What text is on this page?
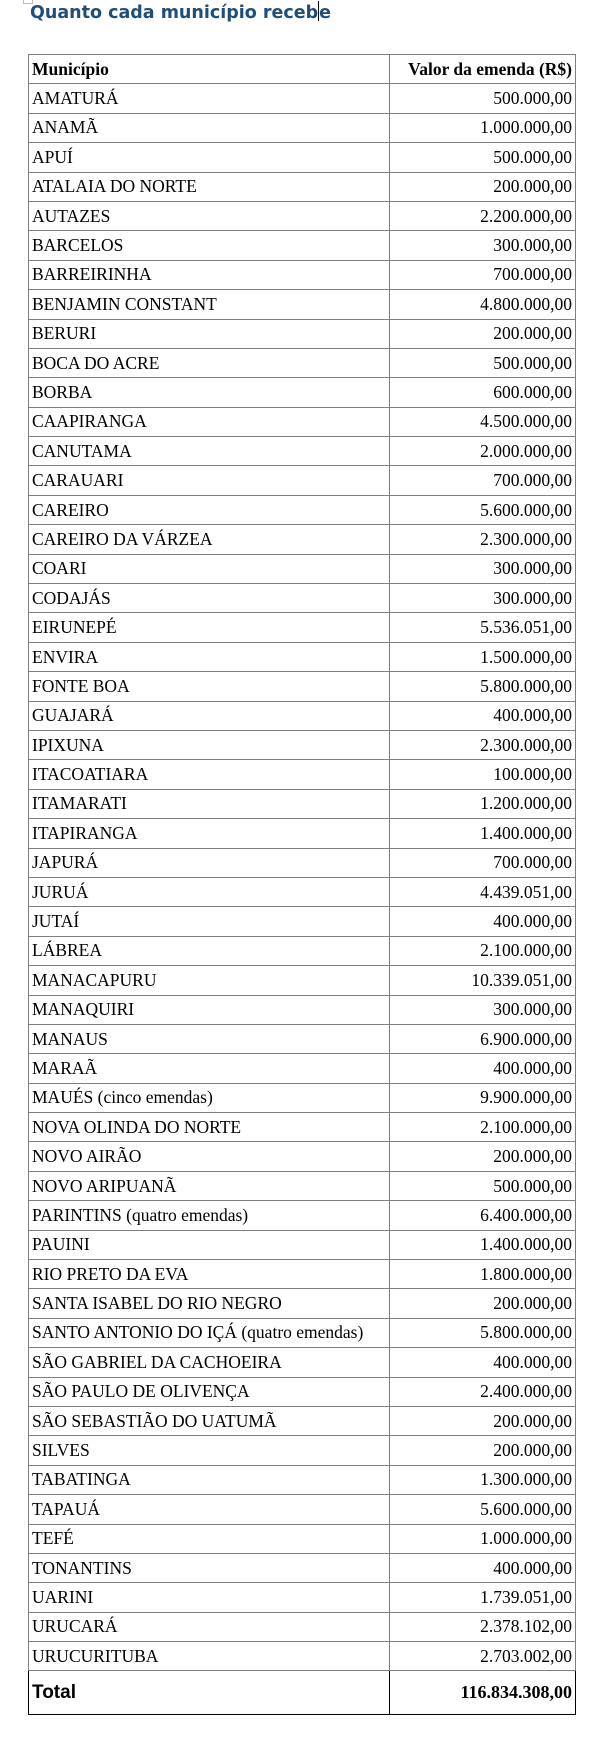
Quanto cada município recebe
Município	Valor da emenda (R$)
AMATURÁ	500.000,00
ANAMÃ	1.000.000,00
APUÍ	500.000,00
ATALAIA DO NORTE	200.000,00
AUTAZES	2.200.000,00
BARCELOS	300.000,00
BARREIRINHA	700.000,00
BENJAMIN CONSTANT	4.800.000,00
BERURI	200.000,00
BOCA DO ACRE	500.000,00
BORBA	600.000,00
CAAPIRANGA	4.500.000,00
CANUTAMA	2.000.000,00
CARAUARI	700.000,00
CAREIRO	5.600.000,00
CAREIRO DA VÁRZEA	2.300.000,00
COARI	300.000,00
CODAJÁS	300.000,00
EIRUNEPÉ	5.536.051,00
ENVIRA	1.500.000,00
FONTE BOA	5.800.000,00
GUAJARÁ	400.000,00
IPIXUNA	2.300.000,00
ITACOATIARA	100.000,00
ITAMARATI	1.200.000,00
ITAPIRANGA	1.400.000,00
JAPURÁ	700.000,00
JURUÁ	4.439.051,00
JUTAÍ	400.000,00
LÁBREA	2.100.000,00
MANACAPURU	10.339.051,00
MANAQUIRI	300.000,00
MANAUS	6.900.000,00
MARAÃ	400.000,00
MAUÉS (cinco emendas)	9.900.000,00
NOVA OLINDA DO NORTE	2.100.000,00
NOVO AIRÃO	200.000,00
NOVO ARIPUANÃ	500.000,00
PARINTINS (quatro emendas)	6.400.000,00
PAUINI	1.400.000,00
RIO PRETO DA EVA	1.800.000,00
SANTA ISABEL DO RIO NEGRO	200.000,00
SANTO ANTONIO DO IÇÁ (quatro emendas)	5.800.000,00
SÃO GABRIEL DA CACHOEIRA	400.000,00
SÃO PAULO DE OLIVENÇA	2.400.000,00
SÃO SEBASTIÃO DO UATUMÃ	200.000,00
SILVES	200.000,00
TABATINGA	1.300.000,00
TAPAUÁ	5.600.000,00
TEFÉ	1.000.000,00
TONANTINS	400.000,00
UARINI	1.739.051,00
URUCARÁ	2.378.102,00
URUCURITUBA	2.703.002,00
Total	116.834.308,00
